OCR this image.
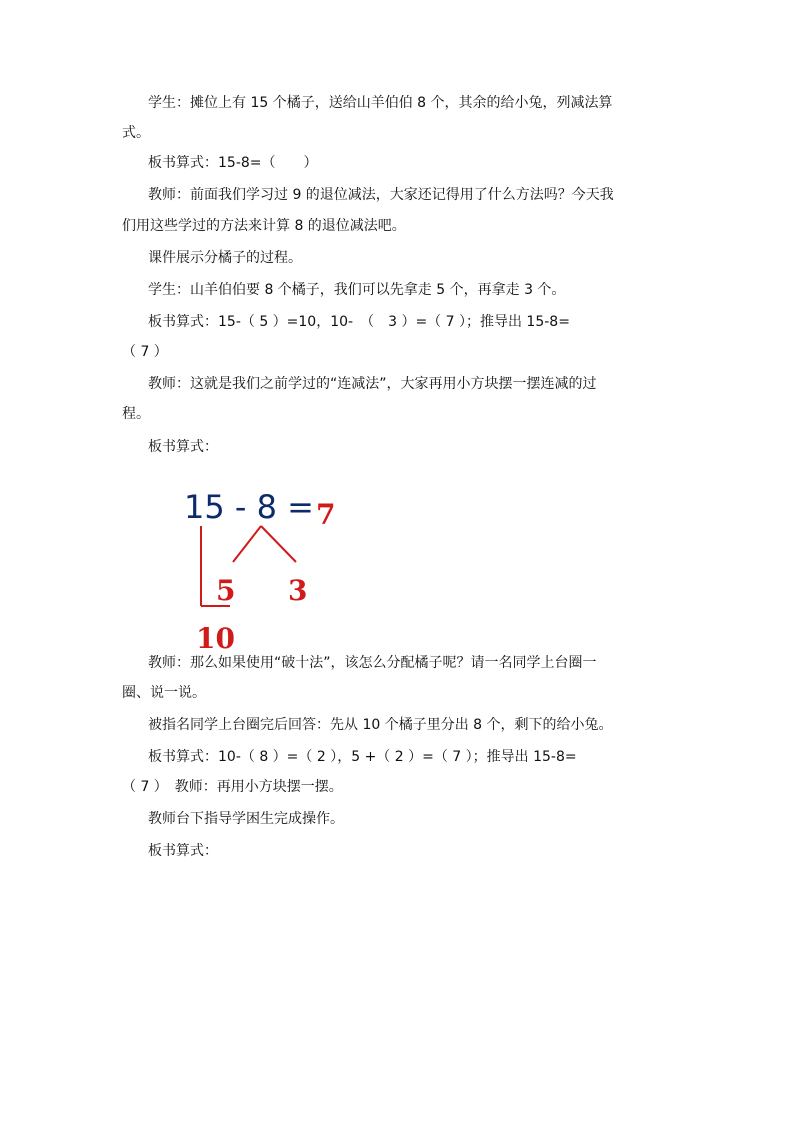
学生：摊位上有 15 个橘子，送给山羊伯伯 8 个，其余的给小兔，列减法算
式。
板书算式：15-8=（　　）
教师：前面我们学习过 9 的退位减法，大家还记得用了什么方法吗？今天我
们用这些学过的方法来计算 8 的退位减法吧。
课件展示分橘子的过程。
学生：山羊伯伯要 8 个橘子，我们可以先拿走 5 个，再拿走 3 个。
板书算式：15-（ 5 ）=10，10-　（　3 ）=（ 7 ）；推导出 15-8=
（ 7 ）
教师：这就是我们之前学过的“连减法”，大家再用小方块摆一摆连减的过
程。
板书算式：
教师：那么如果使用“破十法”，该怎么分配橘子呢？请一名同学上台圈一
圈、说一说。
被指名同学上台圈完后回答：先从 10 个橘子里分出 8 个，剩下的给小兔。
板书算式：10-（ 8 ）=（ 2 ），5 +（ 2 ）=（ 7 ）；推导出 15-8=
（ 7 ）　教师：再用小方块摆一摆。
教师台下指导学困生完成操作。
板书算式：
15 - 8 = 7
5 3
10
